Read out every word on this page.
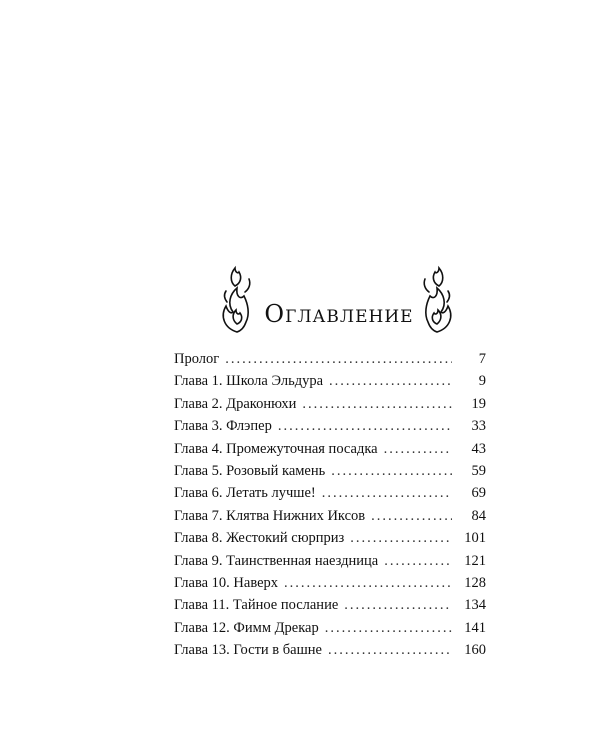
Оглавление
Пролог .....	7
Глава 1. Школа Эльдура .....	9
Глава 2. Драконюхи .....	19
Глава 3. Флэпер .....	33
Глава 4. Промежуточная посадка .....	43
Глава 5. Розовый камень .....	59
Глава 6. Летать лучше! .....	69
Глава 7. Клятва Нижних Иксов .....	84
Глава 8. Жестокий сюрприз .....	101
Глава 9. Таинственная наездница .....	121
Глава 10. Наверх .....	128
Глава 11. Тайное послание .....	134
Глава 12. Фимм Дрекар .....	141
Глава 13. Гости в башне .....	160
